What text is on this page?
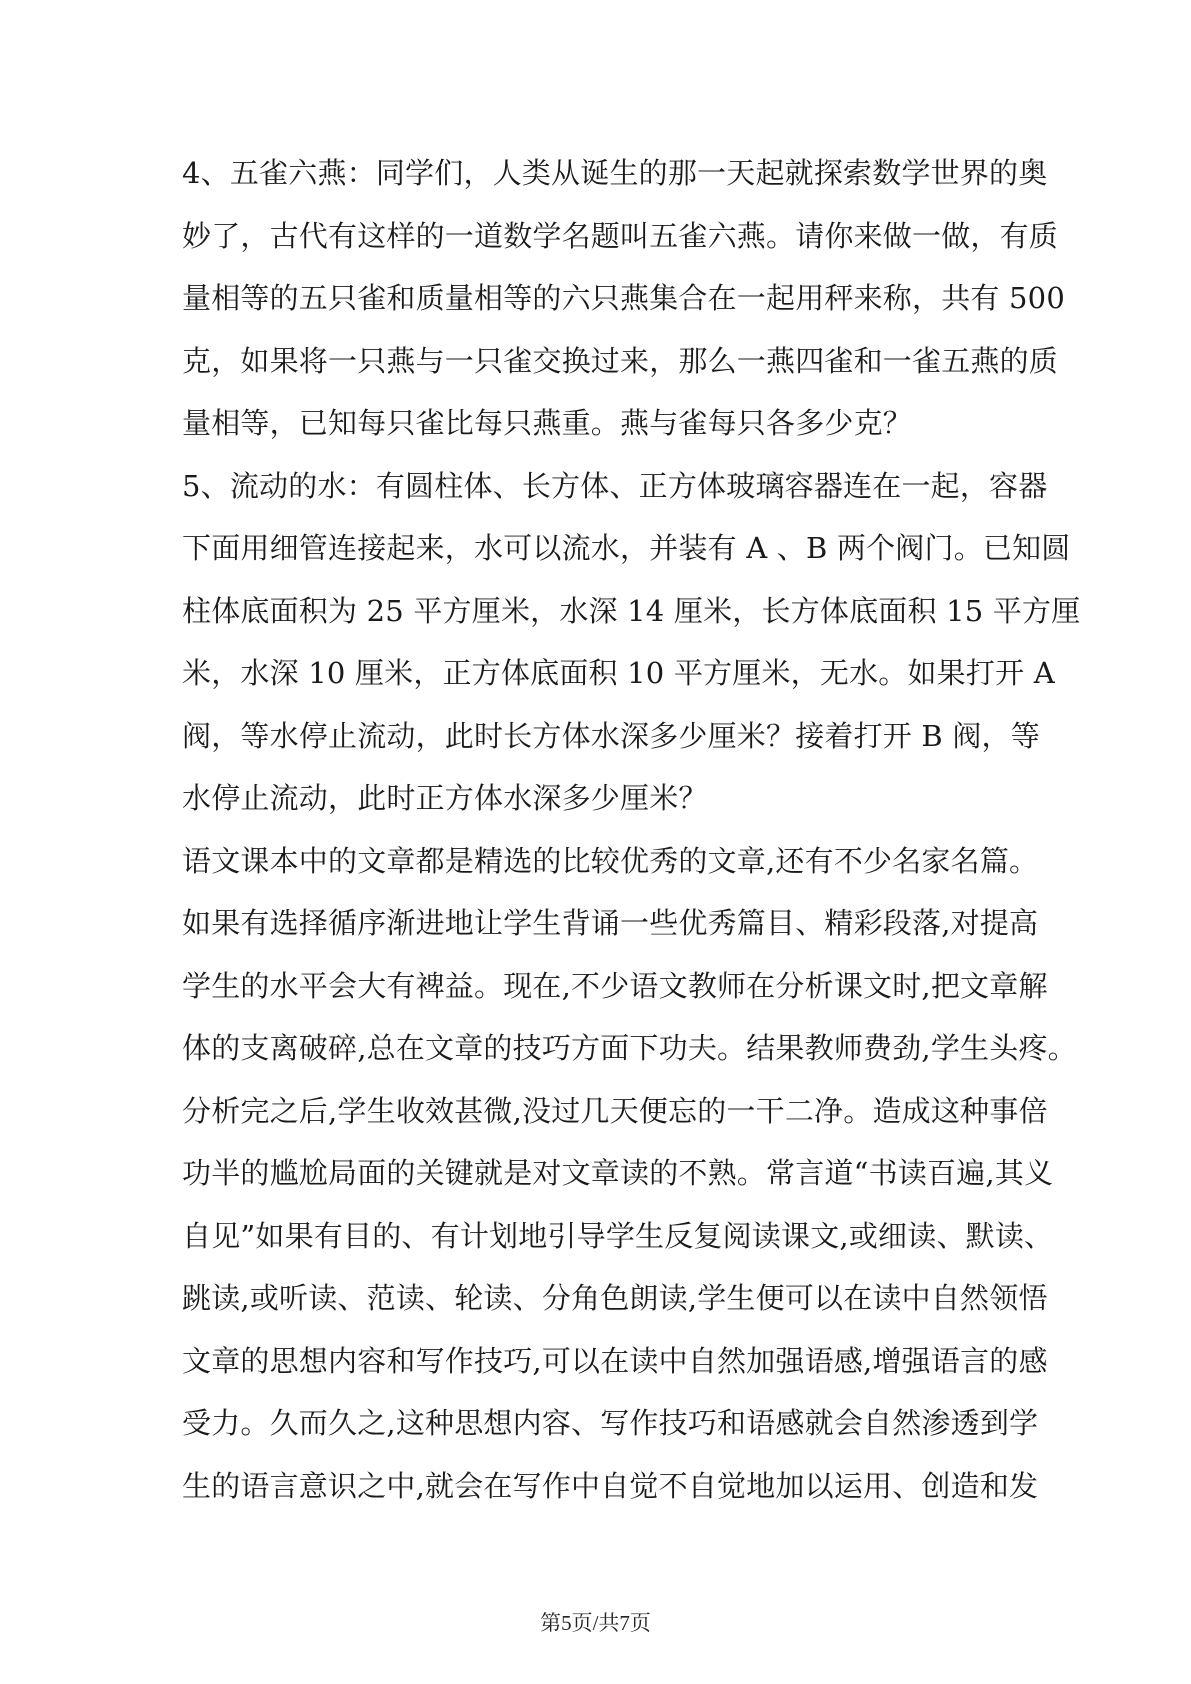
4、五雀六燕：同学们，人类从诞生的那一天起就探索数学世界的奥
妙了，古代有这样的一道数学名题叫五雀六燕。请你来做一做，有质
量相等的五只雀和质量相等的六只燕集合在一起用秤来称，共有 500
克，如果将一只燕与一只雀交换过来，那么一燕四雀和一雀五燕的质
量相等，已知每只雀比每只燕重。燕与雀每只各多少克？
5、流动的水：有圆柱体、长方体、正方体玻璃容器连在一起，容器
下面用细管连接起来，水可以流水，并装有 A 、B 两个阀门。已知圆
柱体底面积为 25 平方厘米，水深 14 厘米，长方体底面积 15 平方厘
米，水深 10 厘米，正方体底面积 10 平方厘米，无水。如果打开 A
阀，等水停止流动，此时长方体水深多少厘米？接着打开 B 阀，等
水停止流动，此时正方体水深多少厘米？
语文课本中的文章都是精选的比较优秀的文章,还有不少名家名篇。
如果有选择循序渐进地让学生背诵一些优秀篇目、精彩段落,对提高
学生的水平会大有裨益。现在,不少语文教师在分析课文时,把文章解
体的支离破碎,总在文章的技巧方面下功夫。结果教师费劲,学生头疼。
分析完之后,学生收效甚微,没过几天便忘的一干二净。造成这种事倍
功半的尴尬局面的关键就是对文章读的不熟。常言道“书读百遍,其义
自见”如果有目的、有计划地引导学生反复阅读课文,或细读、默读、
跳读,或听读、范读、轮读、分角色朗读,学生便可以在读中自然领悟
文章的思想内容和写作技巧,可以在读中自然加强语感,增强语言的感
受力。久而久之,这种思想内容、写作技巧和语感就会自然渗透到学
生的语言意识之中,就会在写作中自觉不自觉地加以运用、创造和发
第5页/共7页
